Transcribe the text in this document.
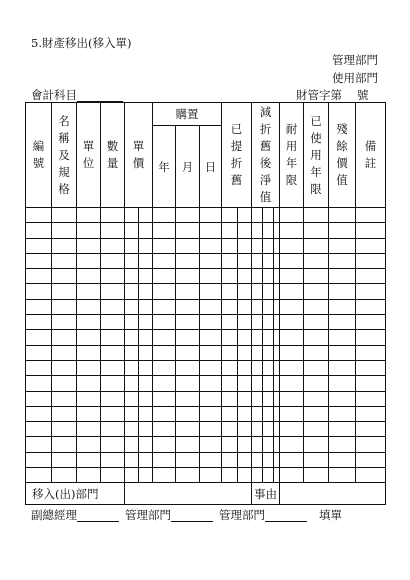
5.財產移出(移入單)
管理部門
使用部門
會計科目	財管字第 號
編號	名稱及規格	單位	數量	單價		購置			已提折舊		減折舊後淨值			耐用年限	已使用年限	殘餘價值	備註
						年	月	日									

移入(出)部門											事由						
副總經理	管理部門	管理部門	填單
